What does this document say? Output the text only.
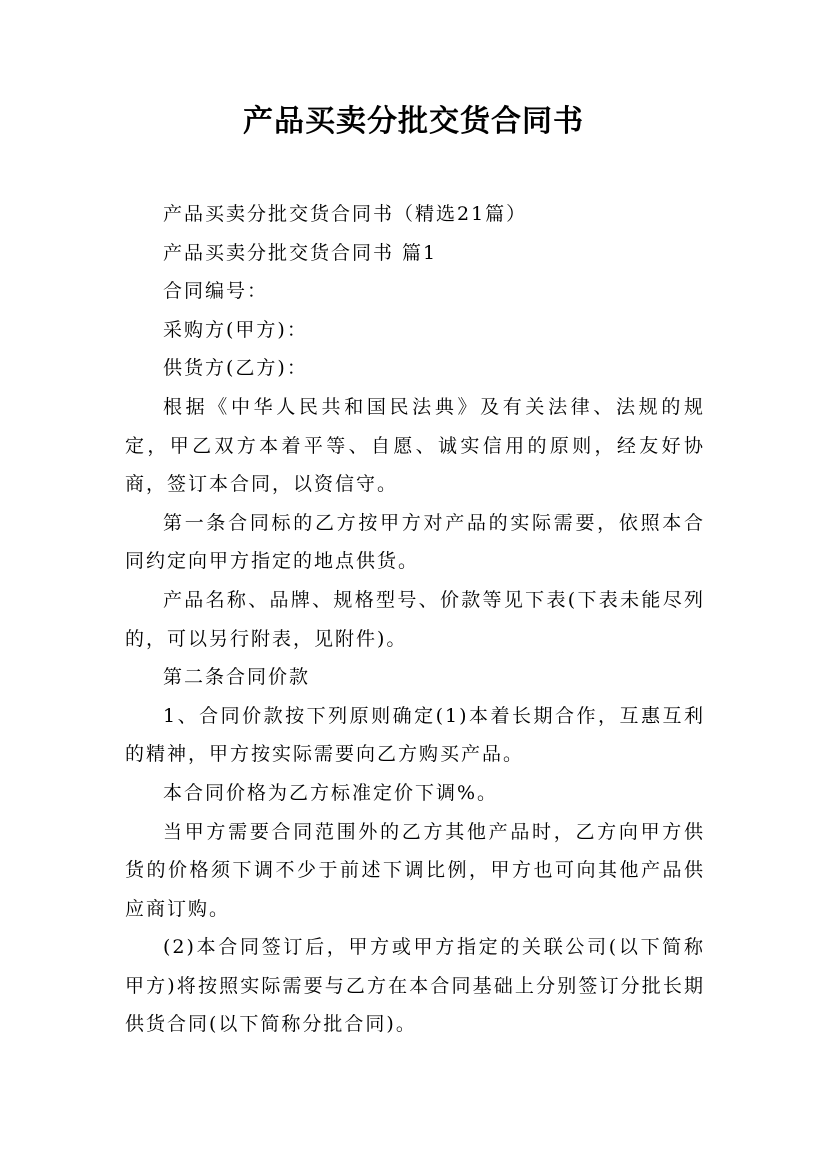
产品买卖分批交货合同书

产品买卖分批交货合同书（精选21篇）

产品买卖分批交货合同书 篇1

合同编号：

采购方(甲方)：

供货方(乙方)：

根据《中华人民共和国民法典》及有关法律、法规的规定，甲乙双方本着平等、自愿、诚实信用的原则，经友好协商，签订本合同，以资信守。

第一条合同标的乙方按甲方对产品的实际需要，依照本合同约定向甲方指定的地点供货。

产品名称、品牌、规格型号、价款等见下表(下表未能尽列的，可以另行附表，见附件)。

第二条合同价款

1、合同价款按下列原则确定(1)本着长期合作，互惠互利的精神，甲方按实际需要向乙方购买产品。

本合同价格为乙方标准定价下调%。

当甲方需要合同范围外的乙方其他产品时，乙方向甲方供货的价格须下调不少于前述下调比例，甲方也可向其他产品供应商订购。

(2)本合同签订后，甲方或甲方指定的关联公司(以下简称甲方)将按照实际需要与乙方在本合同基础上分别签订分批长期供货合同(以下简称分批合同)。
